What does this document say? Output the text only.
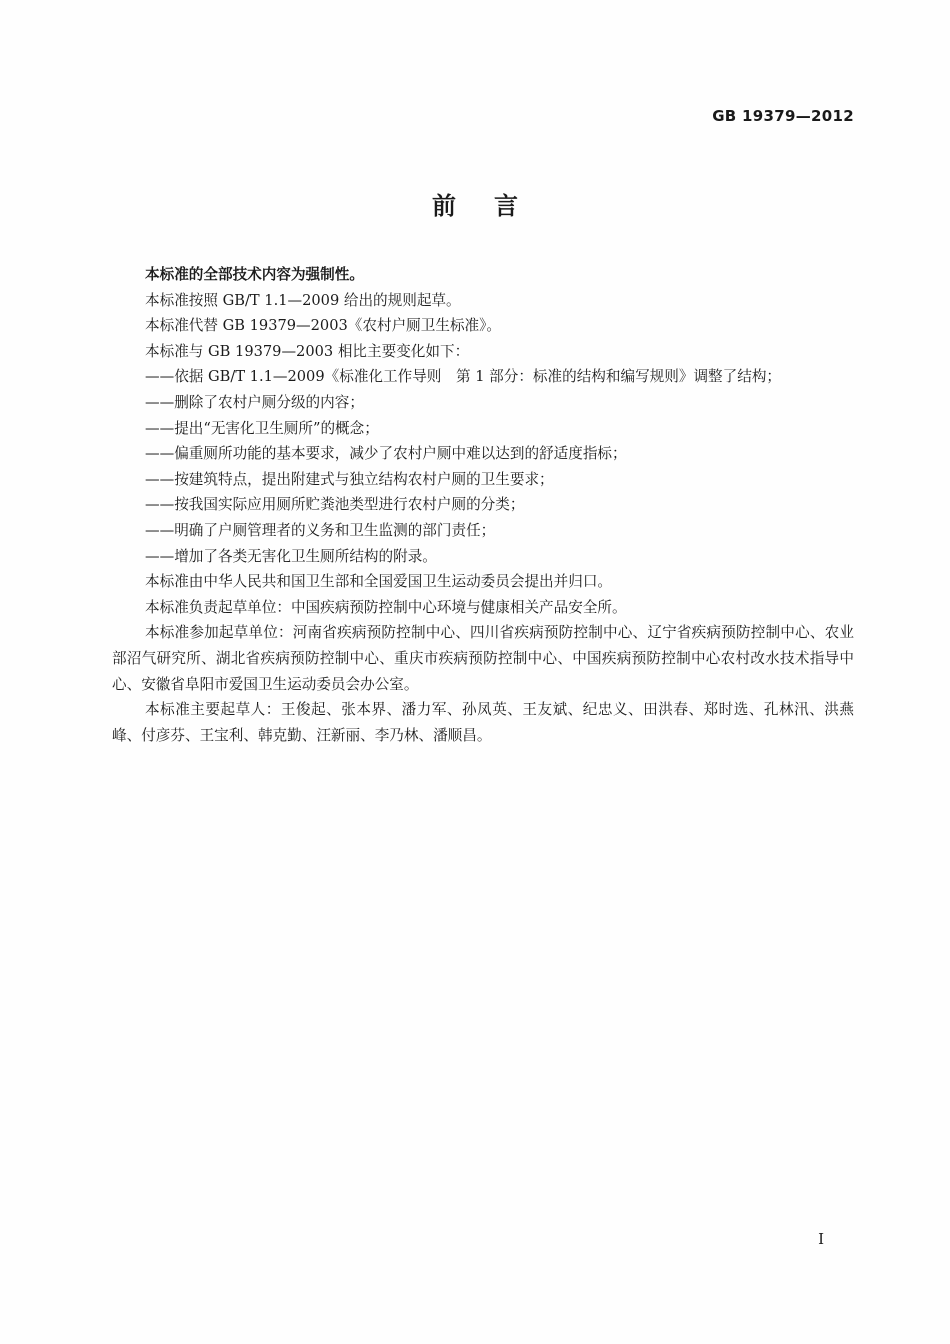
GB 19379—2012
前言

本标准的全部技术内容为强制性。

本标准按照 GB/T 1.1—2009 给出的规则起草。

本标准代替 GB 19379—2003《农村户厕卫生标准》。

本标准与 GB 19379—2003 相比主要变化如下：

——依据 GB/T 1.1—2009《标准化工作导则　第 1 部分：标准的结构和编写规则》调整了结构；

——删除了农村户厕分级的内容；

——提出“无害化卫生厕所”的概念；

——偏重厕所功能的基本要求，减少了农村户厕中难以达到的舒适度指标；

——按建筑特点，提出附建式与独立结构农村户厕的卫生要求；

——按我国实际应用厕所贮粪池类型进行农村户厕的分类；

——明确了户厕管理者的义务和卫生监测的部门责任；

——增加了各类无害化卫生厕所结构的附录。

本标准由中华人民共和国卫生部和全国爱国卫生运动委员会提出并归口。

本标准负责起草单位：中国疾病预防控制中心环境与健康相关产品安全所。

本标准参加起草单位：河南省疾病预防控制中心、四川省疾病预防控制中心、辽宁省疾病预防控制中心、农业部沼气研究所、湖北省疾病预防控制中心、重庆市疾病预防控制中心、中国疾病预防控制中心农村改水技术指导中心、安徽省阜阳市爱国卫生运动委员会办公室。

本标准主要起草人：王俊起、张本界、潘力军、孙凤英、王友斌、纪忠义、田洪春、郑时选、孔林汛、洪燕峰、付彦芬、王宝利、韩克勤、汪新丽、李乃林、潘顺昌。

I
